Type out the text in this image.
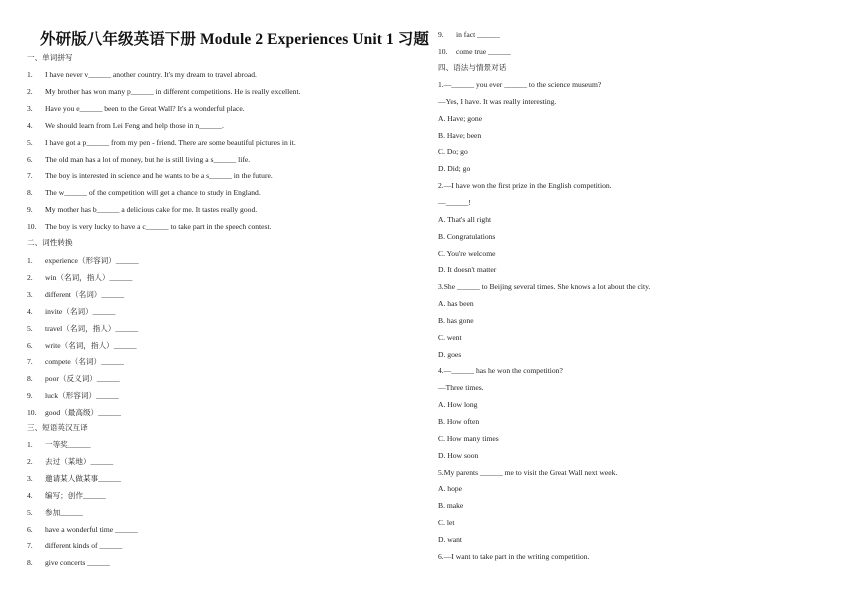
外研版八年级英语下册 Module 2 Experiences Unit 1 习题
一、单词拼写
1. I have never v______ another country. It's my dream to travel abroad.
2. My brother has won many p______ in different competitions. He is really excellent.
3. Have you e______ been to the Great Wall? It's a wonderful place.
4. We should learn from Lei Feng and help those in n______.
5. I have got a p______ from my pen - friend. There are some beautiful pictures in it.
6. The old man has a lot of money, but he is still living a s______ life.
7. The boy is interested in science and he wants to be a s______ in the future.
8. The w______ of the competition will get a chance to study in England.
9. My mother has b______ a delicious cake for me. It tastes really good.
10. The boy is very lucky to have a c______ to take part in the speech contest.
二、词性转换
1. experience（形容词）______
2. win（名词，指人）______
3. different（名词）______
4. invite（名词）______
5. travel（名词，指人）______
6. write（名词，指人）______
7. compete（名词）______
8. poor（反义词）______
9. luck（形容词）______
10. good（最高级）______
三、短语英汉互译
1. 一等奖______
2. 去过（某地）______
3. 邀请某人做某事______
4. 编写；创作______
5. 参加______
6. have a wonderful time ______
7. different kinds of ______
8. give concerts ______
9. in fact ______
10. come true ______
四、语法与情景对话
1.—______ you ever ______ to the science museum?
—Yes, I have. It was really interesting.
A. Have; gone
B. Have; been
C. Do; go
D. Did; go
2.—I have won the first prize in the English competition.
—______!
A. That's all right
B. Congratulations
C. You're welcome
D. It doesn't matter
3.She ______ to Beijing several times. She knows a lot about the city.
A. has been
B. has gone
C. went
D. goes
4.—______ has he won the competition?
—Three times.
A. How long
B. How often
C. How many times
D. How soon
5.My parents ______ me to visit the Great Wall next week.
A. hope
B. make
C. let
D. want
6.—I want to take part in the writing competition.
